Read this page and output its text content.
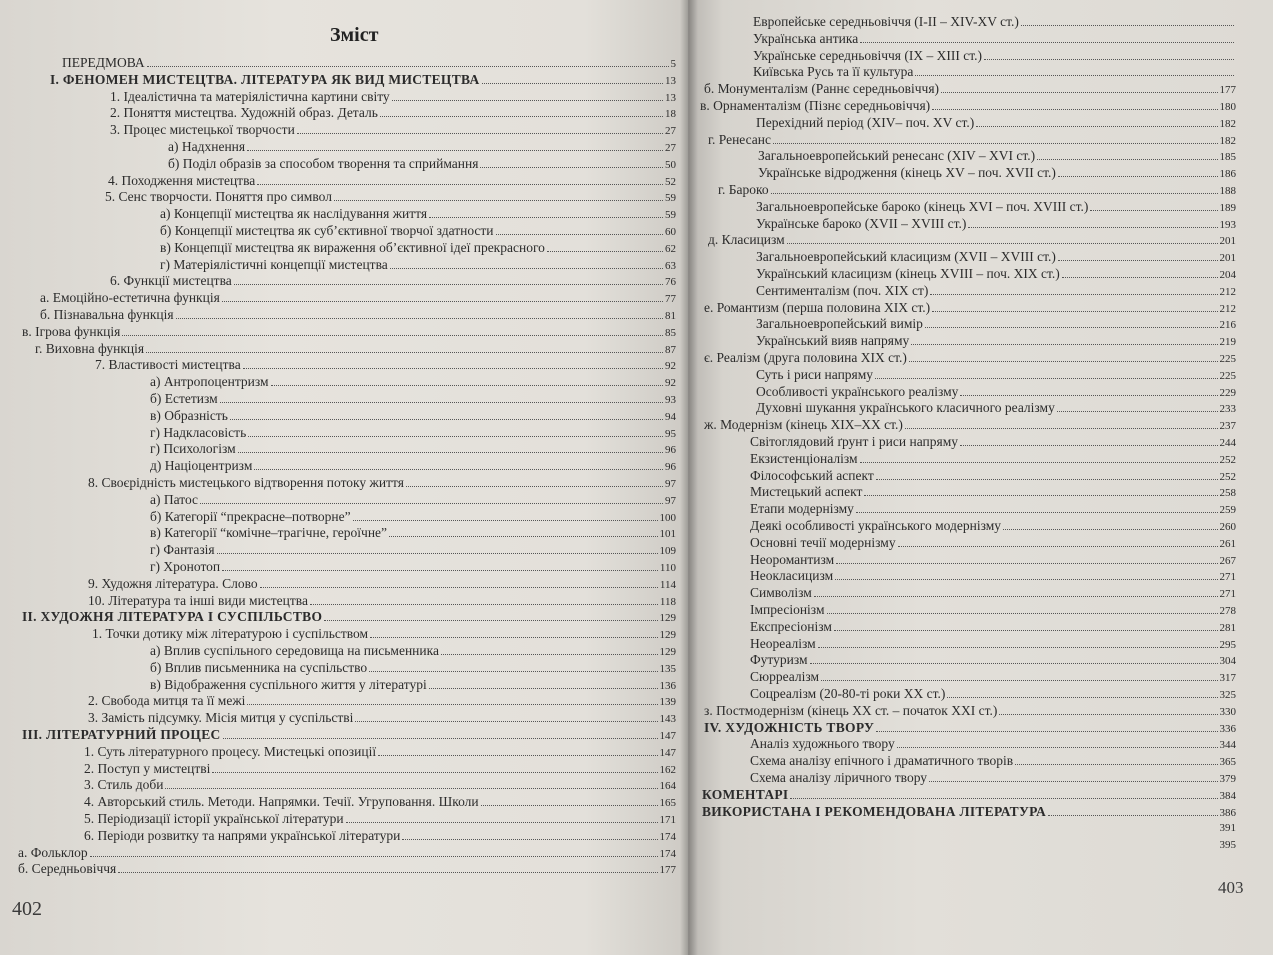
Зміст
ПЕРЕДМОВА	5
І. ФЕНОМЕН МИСТЕЦТВА. ЛІТЕРАТУРА ЯК ВИД МИСТЕЦТВА	13
1. Ідеалістична та матеріялістична картини світу	13
2. Поняття мистецтва. Художній образ. Деталь	18
3. Процес мистецької творчости	27
а) Надхнення	27
б) Поділ образів за способом творення та сприймання	50
4. Походження мистецтва	52
5. Сенс творчости. Поняття про символ	59
а) Концепції мистецтва як наслідування життя	59
б) Концепції мистецтва як суб’єктивної творчої здатности	60
в) Концепції мистецтва як вираження об’єктивної ідеї прекрасного	62
г) Матеріялістичні концепції мистецтва	63
6. Функції мистецтва	76
а. Емоційно-естетична функція	77
б. Пізнавальна функція	81
в. Ігрова функція	85
г. Виховна функція	87
7. Властивості мистецтва	92
а) Антропоцентризм	92
б) Естетизм	93
в) Образність	94
г) Надкласовість	95
г) Психологізм	96
д) Націоцентризм	96
8. Своєрідність мистецького відтворення потоку життя	97
а) Патос	97
б) Категорії “прекрасне–потворне”	100
в) Категорії “комічне–трагічне, героїчне”	101
г) Фантазія	109
г) Хронотоп	110
9. Художня література. Слово	114
10. Література та інші види мистецтва	118
ІІ. ХУДОЖНЯ ЛІТЕРАТУРА І СУСПІЛЬСТВО	129
1. Точки дотику між літературою і суспільством	129
а) Вплив суспільного середовища на письменника	129
б) Вплив письменника на суспільство	135
в) Відображення суспільного життя у літературі	136
2. Свобода митця та її межі	139
3. Замість підсумку. Місія митця у суспільстві	143
ІІІ. ЛІТЕРАТУРНИЙ ПРОЦЕС	147
1. Суть літературного процесу. Мистецькі опозиції	147
2. Поступ у мистецтві	162
3. Стиль доби	164
4. Авторський стиль. Методи. Напрямки. Течії. Угруповання. Школи	165
5. Періодизації історії української літератури	171
6. Періоди розвитку та напрями української літератури	174
а. Фольклор	174
б. Середньовіччя	177
402
Европейське середньовіччя (I-II – XIV-XV ст.)
Українська антика
Українське середньовіччя (IX – XIII ст.)
Київська Русь та її культура
б. Монументалізм (Раннє середньовіччя)	177
в. Орнаменталізм (Пізнє середньовіччя)	180
Перехідний період (XIV– поч. XV ст.)	182
г. Ренесанс	182
Загальноевропейський ренесанс (XIV – XVI ст.)	185
Українське відродження (кінець XV – поч. XVII ст.)	186
г. Бароко	188
Загальноевропейське бароко (кінець XVI – поч. XVIII ст.)	189
Українське бароко (XVII – XVIII ст.)	193
д. Класицизм	201
Загальноевропейський класицизм (XVII – XVIII ст.)	201
Український класицизм (кінець XVIII – поч. XIX ст.)	204
Сентименталізм (поч. XIX ст)	212
е. Романтизм (перша половина XIX ст.)	212
Загальноевропейський вимір	216
Український вияв напряму	219
є. Реалізм (друга половина XIX ст.)	225
Суть і риси напряму	225
Особливості українського реалізму	229
Духовні шукання українського класичного реалізму	233
ж. Модернізм (кінець XIX–XX ст.)	237
Світоглядовий ґрунт і риси напряму	244
Екзистенціоналізм	252
Філософський аспект	252
Мистецький аспект	258
Етапи модернізму	259
Деякі особливості українського модернізму	260
Основні течії модернізму	261
Неоромантизм	267
Неокласицизм	271
Символізм	271
Імпресіонізм	278
Експресіонізм	281
Неореалізм	295
Футуризм	304
Сюрреалізм	317
Соцреалізм (20-80-ті роки XX ст.)	325
з. Постмодернізм (кінець XX ст. – початок XXI ст.)	330
IV. ХУДОЖНІСТЬ ТВОРУ	336
Аналіз художнього твору	344
Схема аналізу епічного і драматичного творів	365
Схема аналізу ліричного твору	379
КОМЕНТАРІ	384
ВИКОРИСТАНА І РЕКОМЕНДОВАНА ЛІТЕРАТУРА	386
391
395
403
